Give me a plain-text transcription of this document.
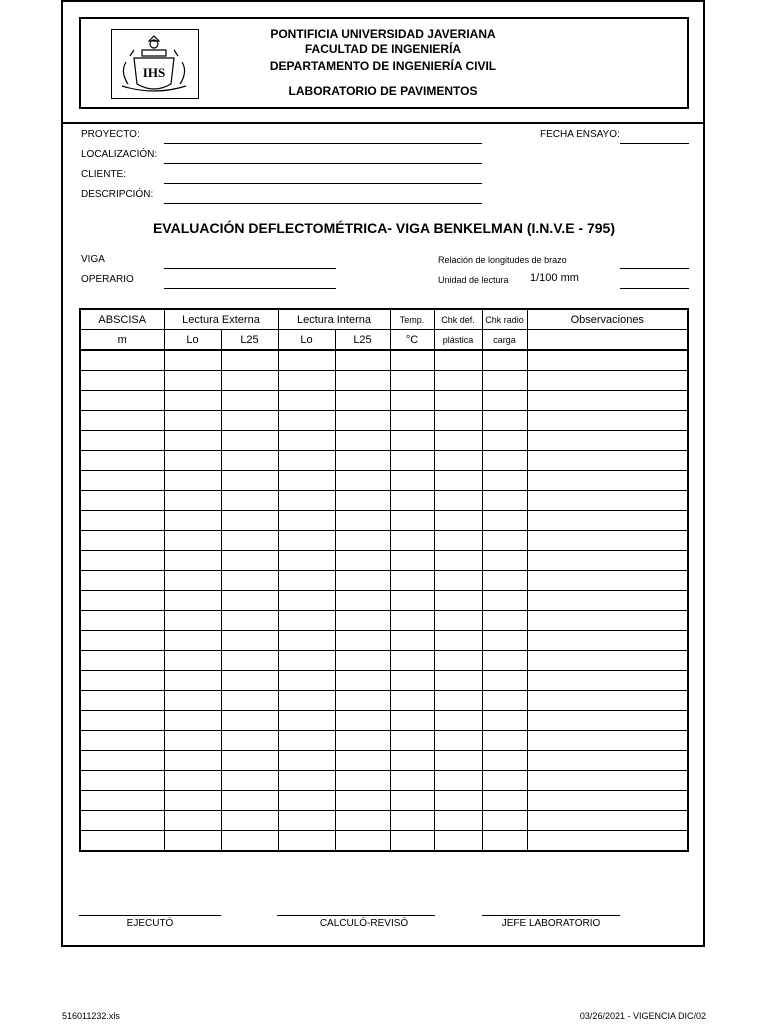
IHS
PONTIFICIA UNIVERSIDAD JAVERIANA
FACULTAD DE INGENIERÍA
DEPARTAMENTO DE INGENIERÍA CIVIL
LABORATORIO DE PAVIMENTOS
PROYECTO:
LOCALIZACIÓN:
CLIENTE:
DESCRIPCIÓN:
FECHA ENSAYO:
EVALUACIÓN DEFLECTOMÉTRICA- VIGA BENKELMAN (I.N.V.E - 795)
VIGA
OPERARIO
Relación de longitudes de brazo
Unidad de lectura 1/100 mm
ABSCISA	Lectura Externa		Lectura Interna		Temp.	Chk def.	Chk radio	Observaciones
m	Lo	L25	Lo	L25	°C	plástica	carga	

EJECUTÓ	CALCULÓ-REVISÓ	JEFE LABORATORIO
516011232.xls	03/26/2021 - VIGENCIA DIC/02
